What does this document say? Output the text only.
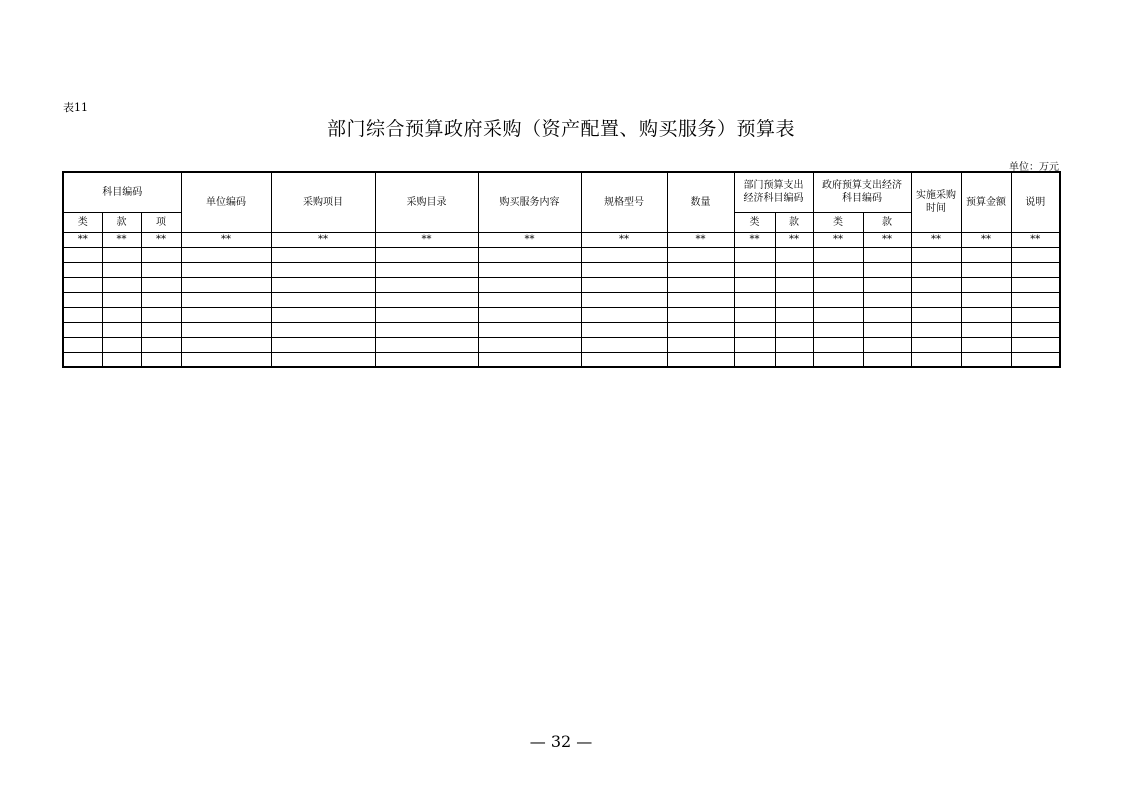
表11
部门综合预算政府采购（资产配置、购买服务）预算表
单位：万元
科目编码			单位编码	采购项目	采购目录	购买服务内容	规格型号	数量	部门预算支出经济科目编码		政府预算支出经济科目编码		实施采购时间	预算金额	说明
类	款	项							类	款	类	款			
**	**	**	**	**	**	**	**	**	**	**	**	**	**	**	**

— 32 —
